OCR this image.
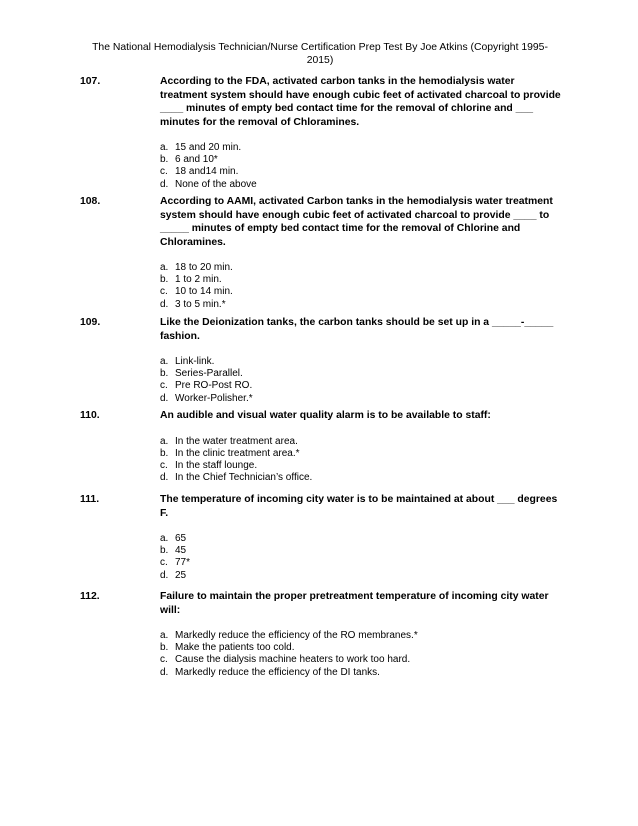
The National Hemodialysis Technician/Nurse Certification Prep Test By Joe Atkins (Copyright 1995-
2015)
107.	According to the FDA, activated carbon tanks in the hemodialysis water
treatment system should have enough cubic feet of activated charcoal to provide
____ minutes of empty bed contact time for the removal of chlorine and ___
minutes for the removal of Chloramines.
a. 15 and 20 min.
b. 6 and 10*
c. 18 and14 min.
d. None of the above
108.	According to AAMI, activated Carbon tanks in the hemodialysis water treatment
system should have enough cubic feet of activated charcoal to provide ____ to
_____ minutes of empty bed contact time for the removal of Chlorine and
Chloramines.
a. 18 to 20 min.
b. 1 to 2 min.
c. 10 to 14 min.
d. 3 to 5 min.*
109.	Like the Deionization tanks, the carbon tanks should be set up in a _____-_____
fashion.
a. Link-link.
b. Series-Parallel.
c. Pre RO-Post RO.
d. Worker-Polisher.*
110.	An audible and visual water quality alarm is to be available to staff:
a. In the water treatment area.
b. In the clinic treatment area.*
c. In the staff lounge.
d. In the Chief Technician’s office.
111.	The temperature of incoming city water is to be maintained at about ___ degrees
F.
a. 65
b. 45
c. 77*
d. 25
112.	Failure to maintain the proper pretreatment temperature of incoming city water
will:
a. Markedly reduce the efficiency of the RO membranes.*
b. Make the patients too cold.
c. Cause the dialysis machine heaters to work too hard.
d. Markedly reduce the efficiency of the DI tanks.
